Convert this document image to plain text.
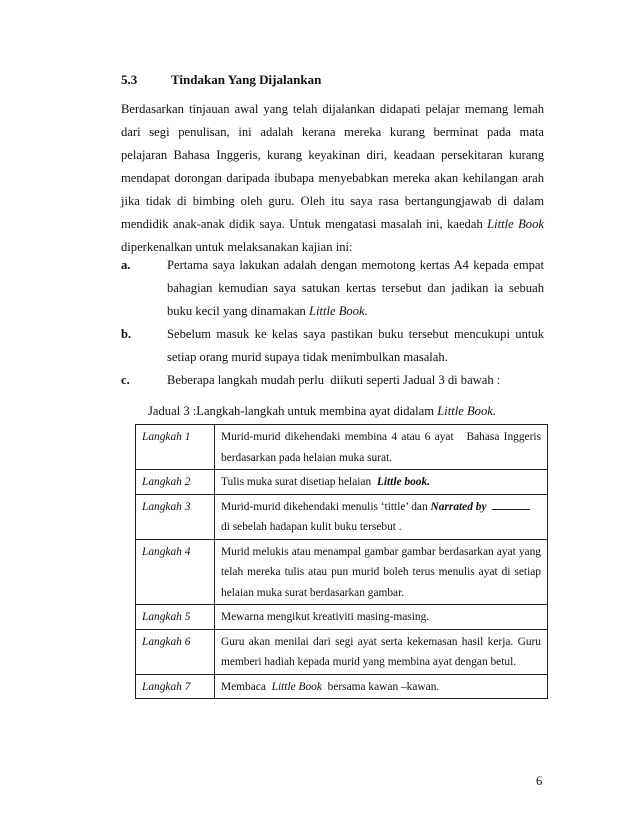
5.3	Tindakan Yang Dijalankan
Berdasarkan tinjauan awal yang telah dijalankan didapati pelajar memang lemah
dari segi penulisan, ini adalah kerana mereka kurang berminat pada mata
pelajaran Bahasa Inggeris, kurang keyakinan diri, keadaan persekitaran kurang
mendapat dorongan daripada ibubapa menyebabkan mereka akan kehilangan arah
jika tidak di bimbing oleh guru. Oleh itu saya rasa bertangungjawab di dalam
mendidik anak-anak didik saya. Untuk mengatasi masalah ini, kaedah Little Book
diperkenalkan untuk melaksanakan kajian ini:
a.	Pertama saya lakukan adalah dengan memotong kertas A4 kepada empat
bahagian kemudian saya satukan kertas tersebut dan jadikan ia sebuah
buku kecil yang dinamakan Little Book.
b.	Sebelum masuk ke kelas saya pastikan buku tersebut mencukupi untuk
setiap orang murid supaya tidak menimbulkan masalah.
c.	Beberapa langkah mudah perlu  diikuti seperti Jadual 3 di bawah :
Jadual 3 :Langkah-langkah untuk membina ayat didalam Little Book.
Langkah 1	Murid-murid dikehendaki membina 4 atau 6 ayat   Bahasa Inggeris
berdasarkan pada helaian muka surat.

Langkah 2	Tulis muka surat disetiap helaian  Little book.

Langkah 3	Murid-murid dikehendaki menulis ‘tittle’ dan Narrated by
di sebelah hadapan kulit buku tersebut .

Langkah 4	Murid melukis atau menampal gambar gambar berdasarkan ayat yang
telah mereka tulis atau pun murid boleh terus menulis ayat di setiap
helaian muka surat berdasarkan gambar.

Langkah 5	Mewarna mengikut kreativiti masing-masing.

Langkah 6	Guru akan menilai dari segi ayat serta kekemasan hasil kerja. Guru
memberi hadiah kepada murid yang membina ayat dengan betul.

Langkah 7	Membaca  Little Book  bersama kawan –kawan.
6
